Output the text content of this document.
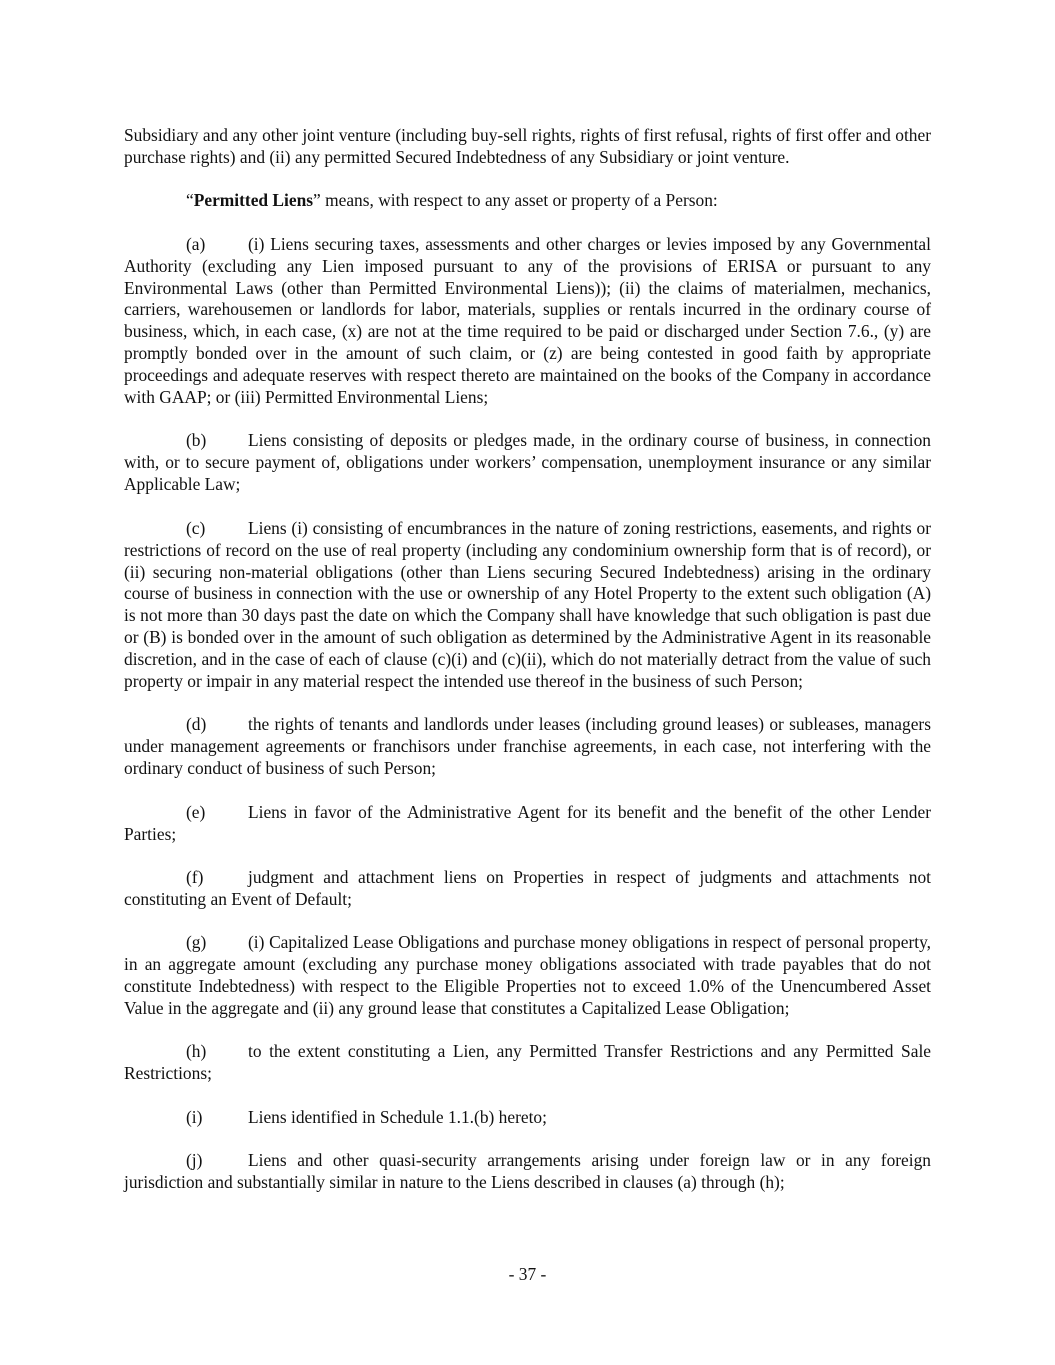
Subsidiary and any other joint venture (including buy-sell rights, rights of first refusal, rights of first offer and other purchase rights) and (ii) any permitted Secured Indebtedness of any Subsidiary or joint venture.

“Permitted Liens” means, with respect to any asset or property of a Person:

(a) (i) Liens securing taxes, assessments and other charges or levies imposed by any Governmental Authority (excluding any Lien imposed pursuant to any of the provisions of ERISA or pursuant to any Environmental Laws (other than Permitted Environmental Liens)); (ii) the claims of materialmen, mechanics, carriers, warehousemen or landlords for labor, materials, supplies or rentals incurred in the ordinary course of business, which, in each case, (x) are not at the time required to be paid or discharged under Section 7.6., (y) are promptly bonded over in the amount of such claim, or (z) are being contested in good faith by appropriate proceedings and adequate reserves with respect thereto are maintained on the books of the Company in accordance with GAAP; or (iii) Permitted Environmental Liens;

(b) Liens consisting of deposits or pledges made, in the ordinary course of business, in connection with, or to secure payment of, obligations under workers’ compensation, unemployment insurance or any similar Applicable Law;

(c) Liens (i) consisting of encumbrances in the nature of zoning restrictions, easements, and rights or restrictions of record on the use of real property (including any condominium ownership form that is of record), or (ii) securing non-material obligations (other than Liens securing Secured Indebtedness) arising in the ordinary course of business in connection with the use or ownership of any Hotel Property to the extent such obligation (A) is not more than 30 days past the date on which the Company shall have knowledge that such obligation is past due or (B) is bonded over in the amount of such obligation as determined by the Administrative Agent in its reasonable discretion, and in the case of each of clause (c)(i) and (c)(ii), which do not materially detract from the value of such property or impair in any material respect the intended use thereof in the business of such Person;

(d) the rights of tenants and landlords under leases (including ground leases) or subleases, managers under management agreements or franchisors under franchise agreements, in each case, not interfering with the ordinary conduct of business of such Person;

(e) Liens in favor of the Administrative Agent for its benefit and the benefit of the other Lender Parties;

(f)	judgment and attachment liens on Properties in respect of judgments and attachments not constituting an Event of Default;

(g) (i) Capitalized Lease Obligations and purchase money obligations in respect of personal property, in an aggregate amount (excluding any purchase money obligations associated with trade payables that do not constitute Indebtedness) with respect to the Eligible Properties not to exceed 1.0% of the Unencumbered Asset Value in the aggregate and (ii) any ground lease that constitutes a Capitalized Lease Obligation;

(h) to the extent constituting a Lien, any Permitted Transfer Restrictions and any Permitted Sale Restrictions;

(i)	Liens identified in Schedule 1.1.(b) hereto;

(j)	Liens and other quasi-security arrangements arising under foreign law or in any foreign jurisdiction and substantially similar in nature to the Liens described in clauses (a) through (h);

- 37 -
